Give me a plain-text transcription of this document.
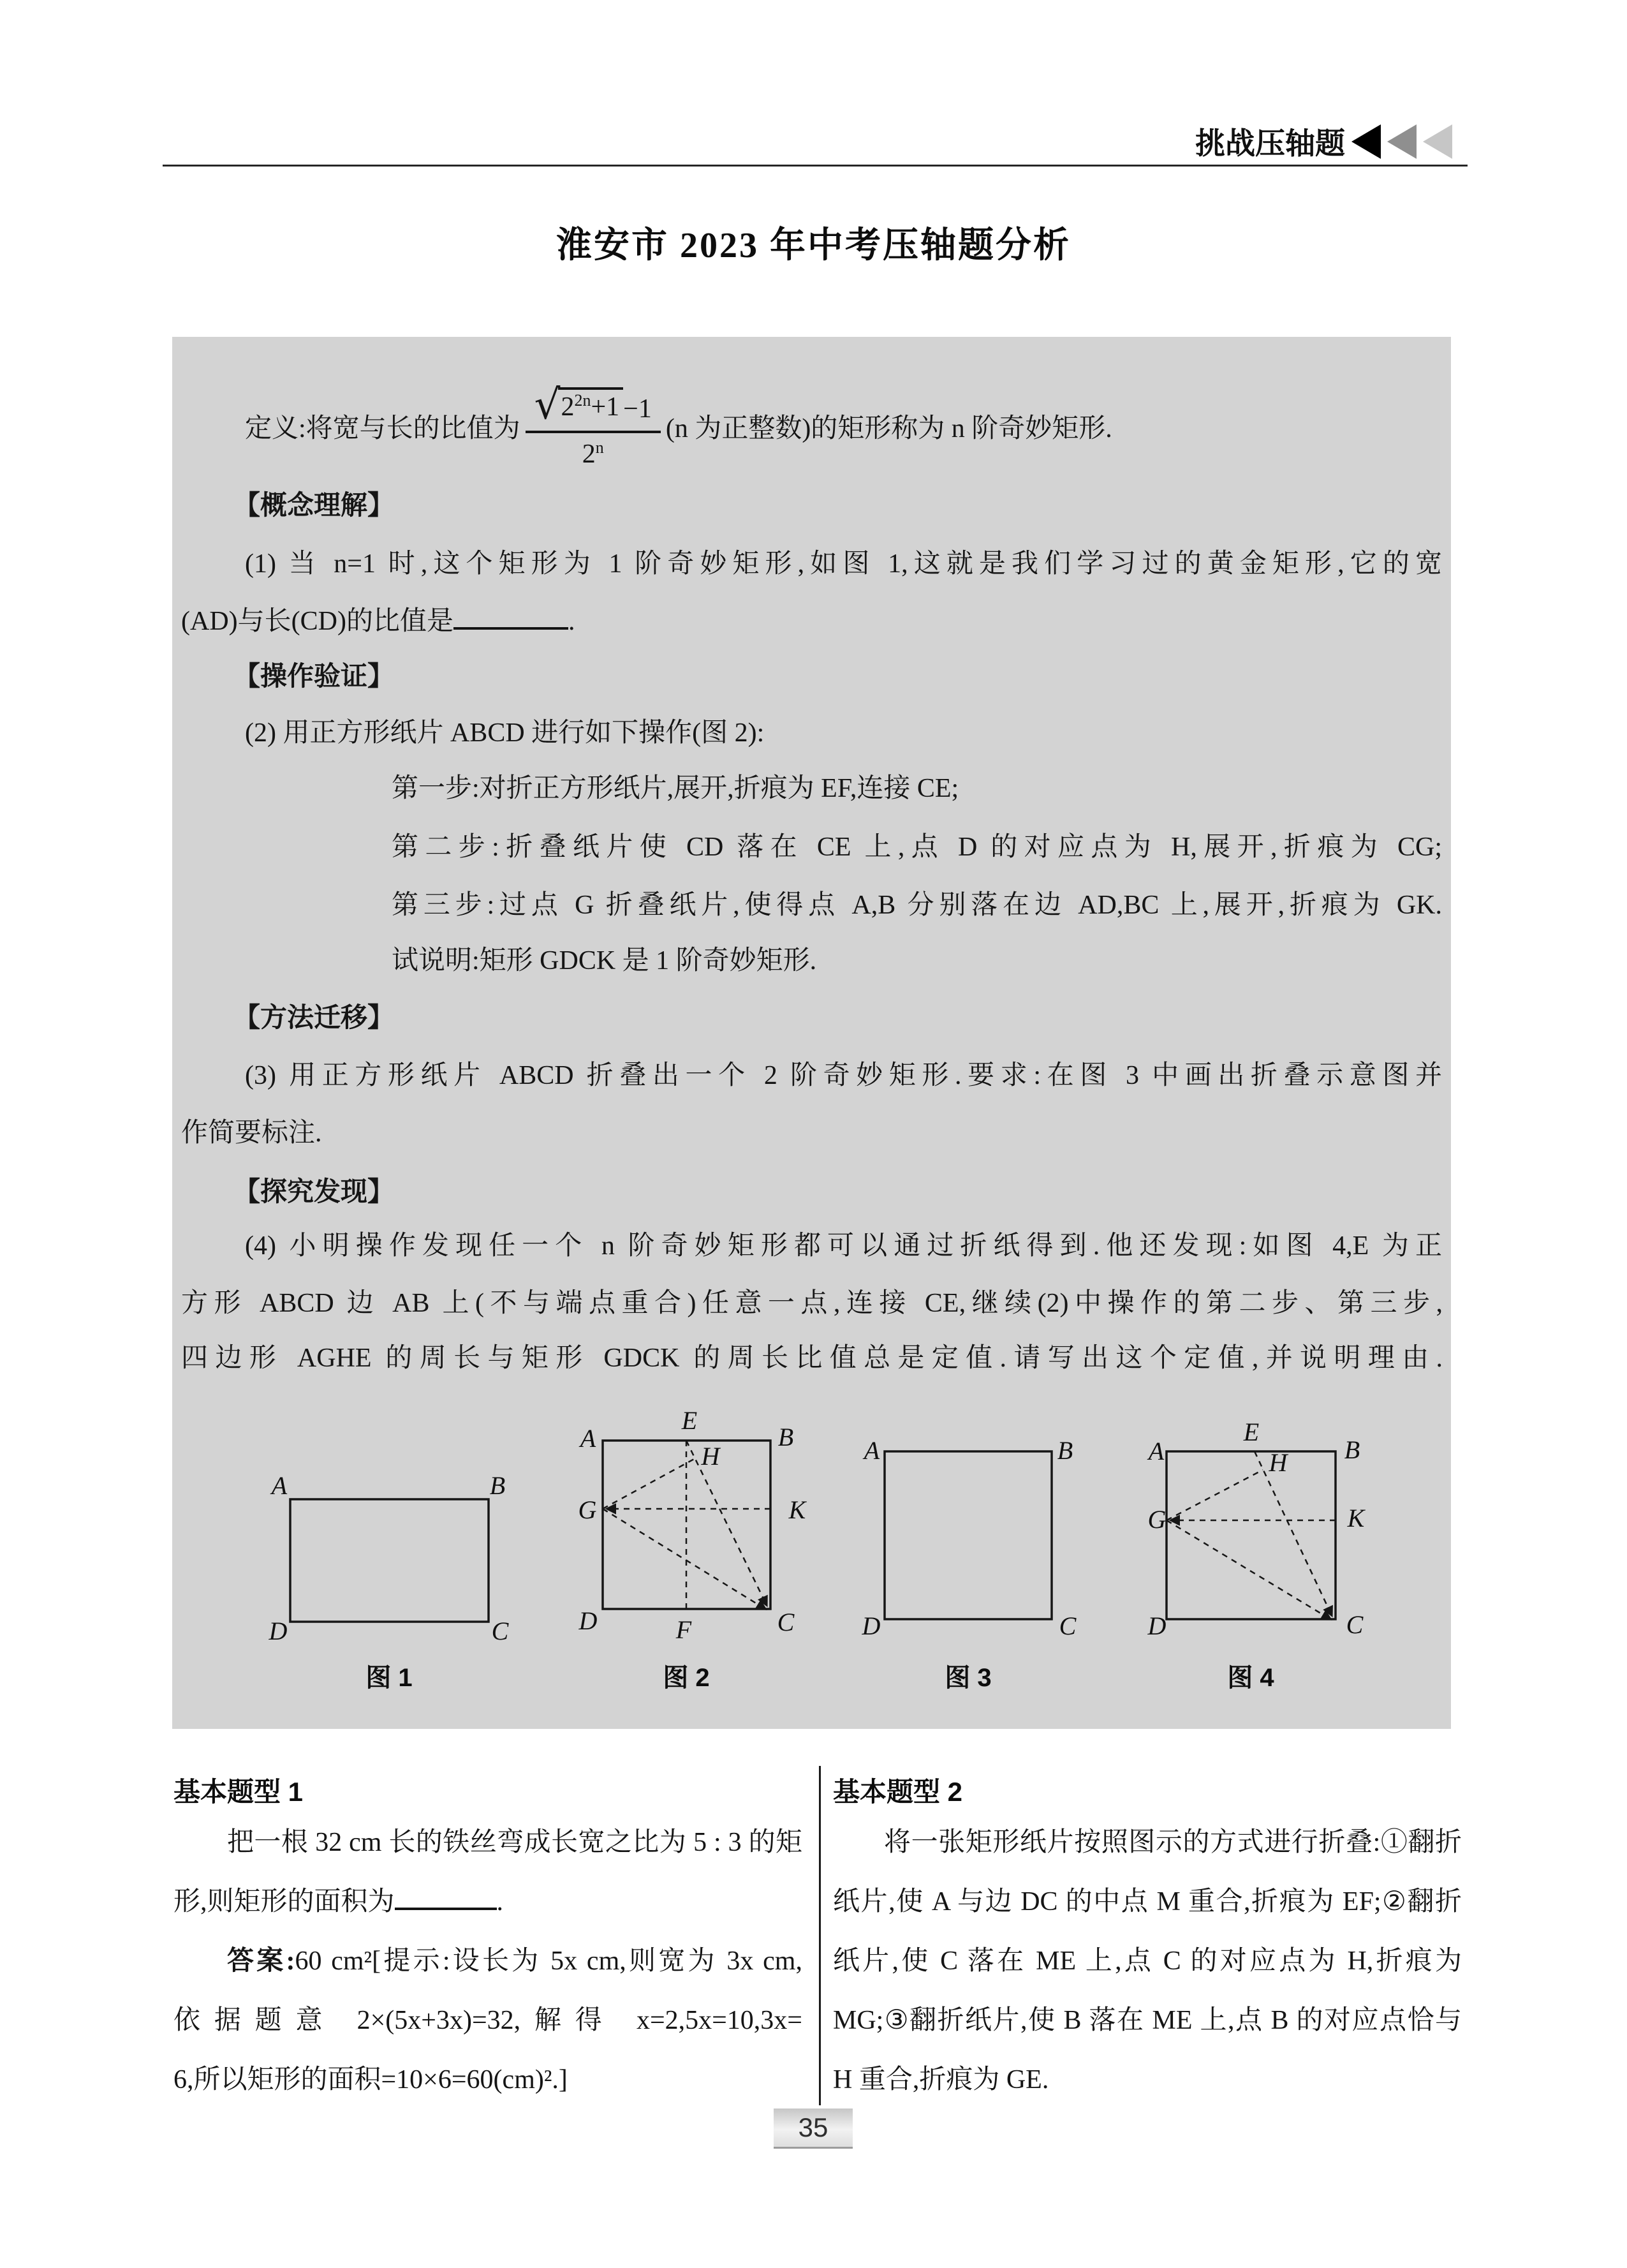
挑战压轴题
淮安市 2023 年中考压轴题分析
定义:将宽与长的比值为 $\frac{√ 2^{2n}+1 -1}{2^n} (n$ 为正整数)的矩形称为 n 阶奇妙矩形.
【概念理解】
(1) 当 n=1 时,这个矩形为 1 阶奇妙矩形,如图 1,这就是我们学习过的黄金矩形,它的宽
(AD)与长(CD)的比值是	.
【操作验证】
(2) 用正方形纸片 ABCD 进行如下操作(图 2):
第一步:对折正方形纸片,展开,折痕为 EF,连接 CE;
第二步:折叠纸片使 CD 落在 CE 上,点 D 的对应点为 H,展开,折痕为 CG;
第三步:过点 G 折叠纸片,使得点 A,B 分别落在边 AD,BC 上,展开,折痕为 GK.
试说明:矩形 GDCK 是 1 阶奇妙矩形.
【方法迁移】
(3) 用正方形纸片 ABCD 折叠出一个 2 阶奇妙矩形.要求:在图 3 中画出折叠示意图并
作简要标注.
【探究发现】
(4) 小明操作发现任一个 n 阶奇妙矩形都可以通过折纸得到.他还发现:如图 4,E 为正
方形 ABCD 边 AB 上(不与端点重合)任意一点,连接 CE,继续(2)中操作的第二步、第三步,
四边形 AGHE 的周长与矩形 GDCK 的周长比值总是定值.请写出这个定值,并说明理由.
A	B
D	C
A	B
E
H
G	K
D	C
F
A	B
D	C
A	B
E
H
G	K
D	C
图 1	图 2	图 3	图 4
基本题型 1
把一根 32 cm 长的铁丝弯成长宽之比为 5 : 3 的矩
形,则矩形的面积为	.
答案:60 cm²[提示:设长为 5x cm,则宽为 3x cm,
依据题意 2×(5x+3x)=32,解得 x=2,5x=10,3x=
6,所以矩形的面积=10×6=60(cm)².]
基本题型 2
将一张矩形纸片按照图示的方式进行折叠:①翻折
纸片,使 A 与边 DC 的中点 M 重合,折痕为 EF;②翻折
纸片,使 C 落在 ME 上,点 C 的对应点为 H,折痕为
MG;③翻折纸片,使 B 落在 ME 上,点 B 的对应点恰与
H 重合,折痕为 GE.
35
